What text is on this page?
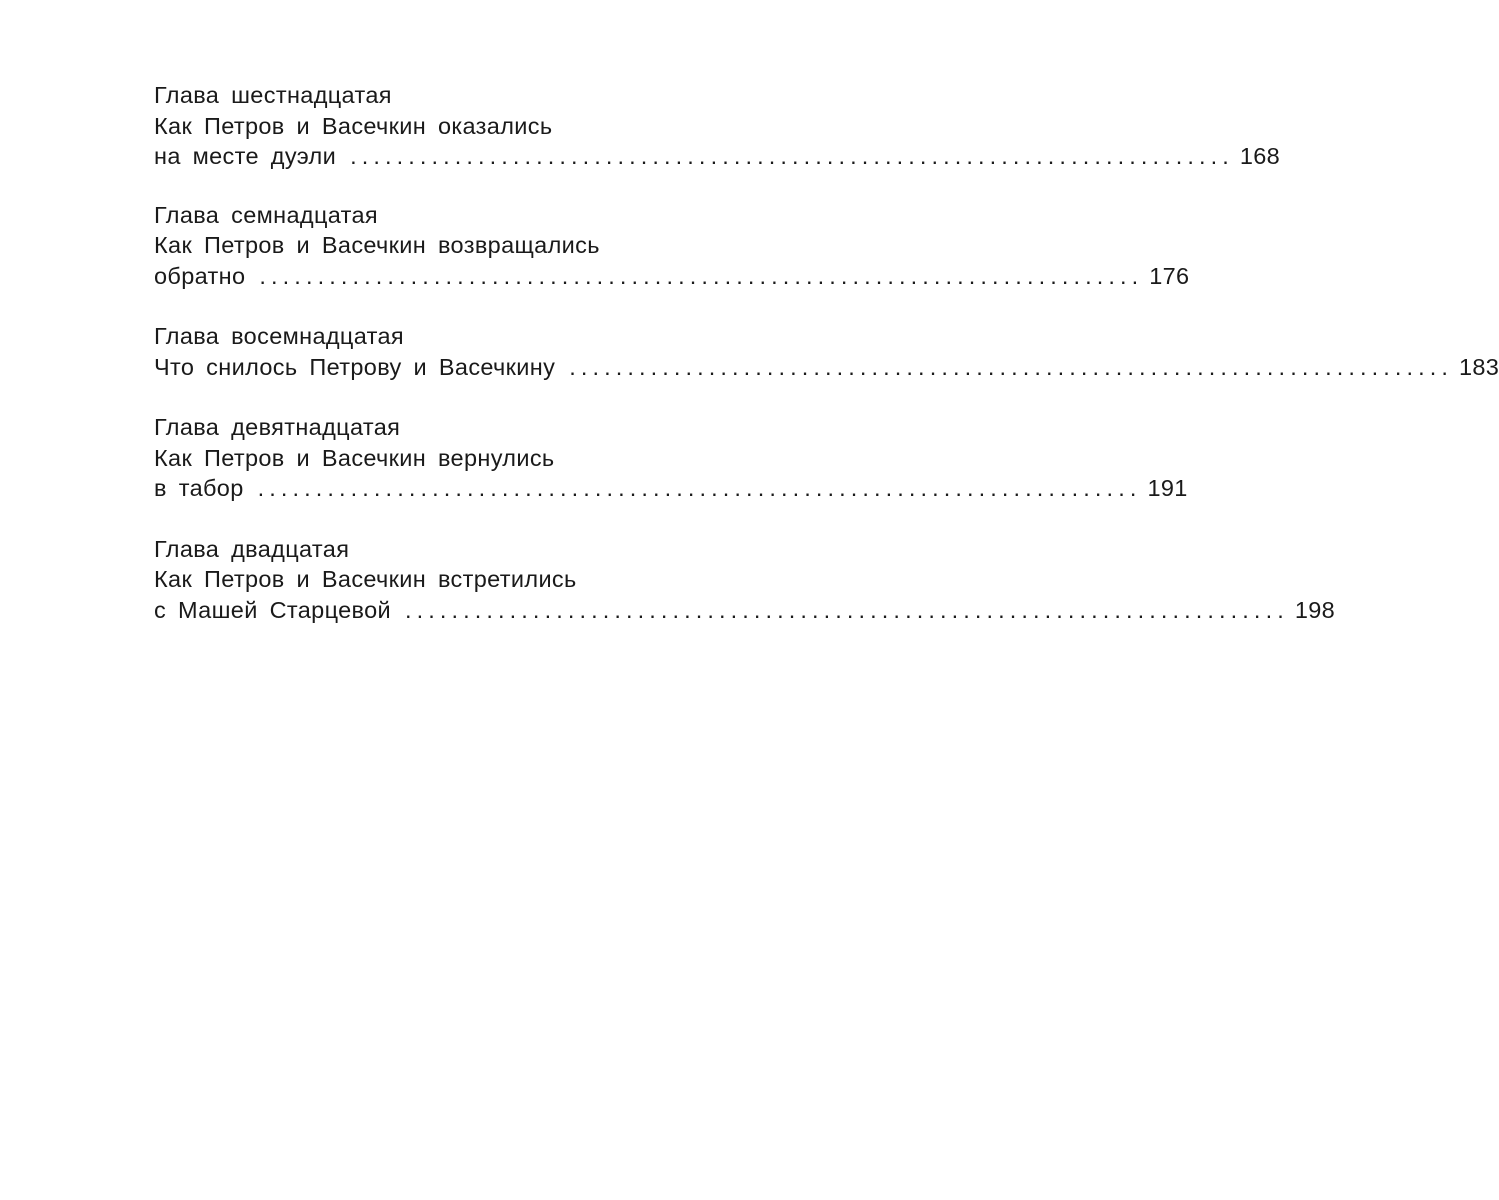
Глава шестнадцатая
Как Петров и Васечкин оказались
на месте дуэли ............................................................................ 168
Глава семнадцатая
Как Петров и Васечкин возвращались
обратно ............................................................................ 176
Глава восемнадцатая
Что снилось Петрову и Васечкину ............................................................................ 183
Глава девятнадцатая
Как Петров и Васечкин вернулись
в табор ............................................................................ 191
Глава двадцатая
Как Петров и Васечкин встретились
с Машей Старцевой ............................................................................ 198
